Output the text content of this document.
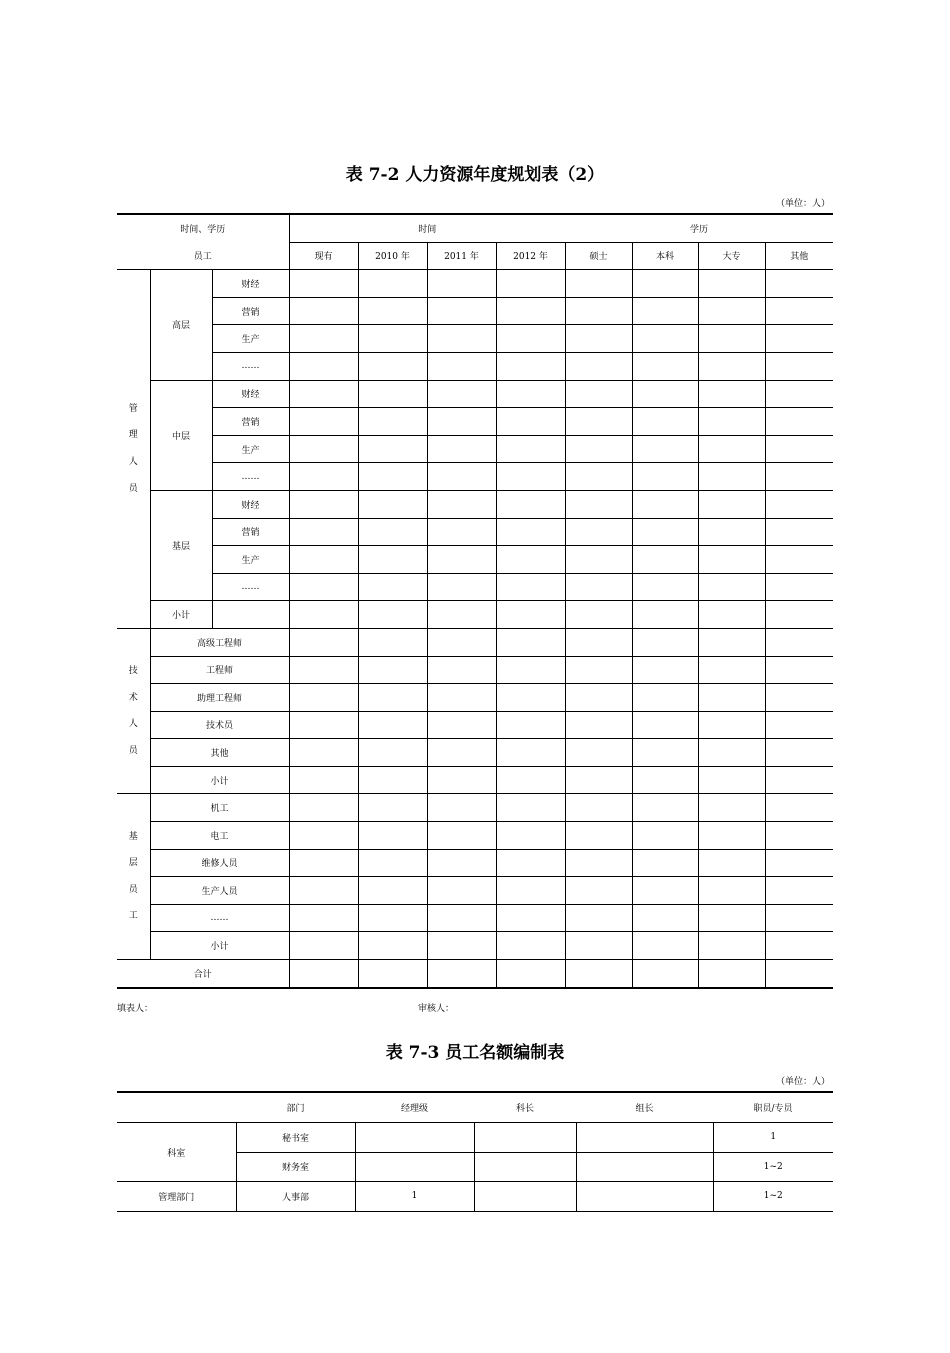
表 7-2 人力资源年度规划表（2）
（单位：人）
时间、学历			时间				学历			
员工			现有	2010 年	2011 年	2012 年	硕士	本科	大专	其他

管
理
人
员	高层	财经								
		营销								
		生产								
		……								
	中层	财经								
		营销								
		生产								
		……								
	基层	财经								
		营销								
		生产								
		……								
	小计									

技
术
人
员	高级工程师									
	工程师									
	助理工程师									
	技术员									
	其他									
	小计									

基
层
员
工	机工									
	电工									
	维修人员									
	生产人员									
	……									
	小计									
合计										
填表人：	审核人：
表 7-3 员工名额编制表
（单位：人）
	部门	经理级	科长	组长	职员/专员
科室	秘书室				1
	财务室				1~2
管理部门	人事部	1			1~2
